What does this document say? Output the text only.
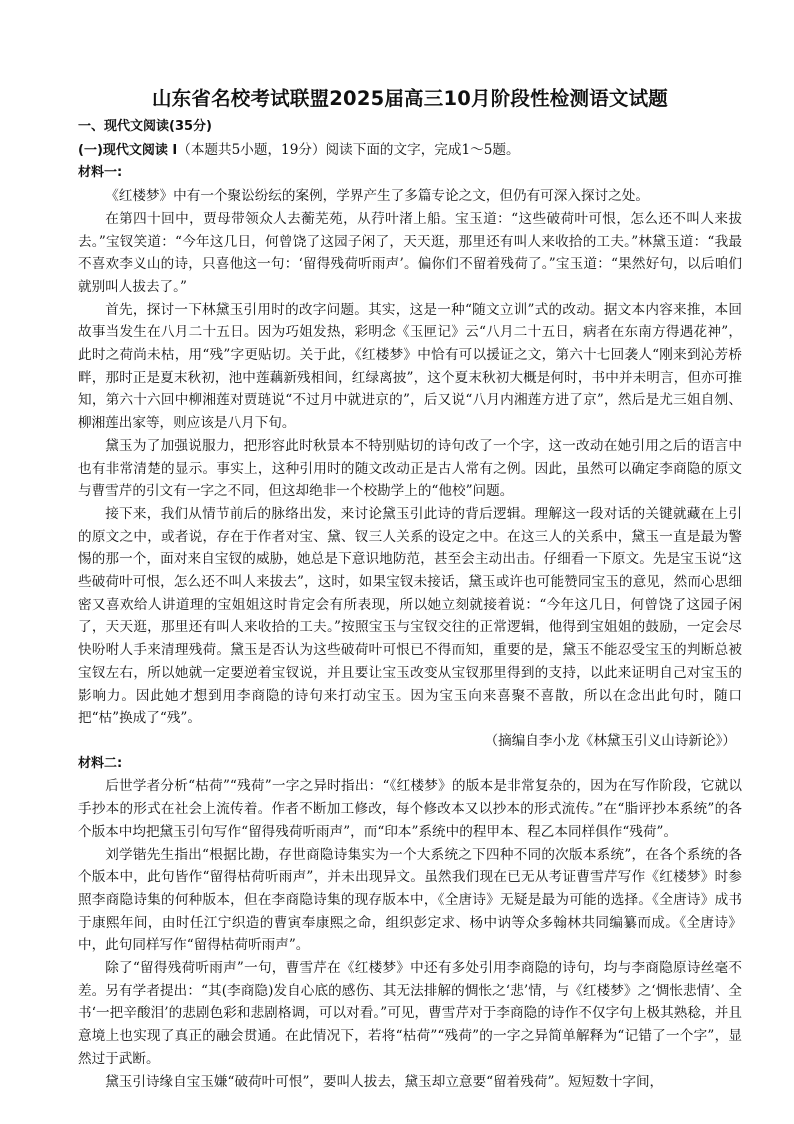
山东省名校考试联盟2025届高三10月阶段性检测语文试题

一、现代文阅读(35分)

(一)现代文阅读 I（本题共5小题，19分）阅读下面的文字，完成1～5题。

材料一:

《红楼梦》中有一个聚讼纷纭的案例，学界产生了多篇专论之文，但仍有可深入探讨之处。

在第四十回中，贾母带领众人去蘅芜苑，从荇叶渚上船。宝玉道：“这些破荷叶可恨，怎么还不叫人来拔去。”宝钗笑道：“今年这几日，何曾饶了这园子闲了，天天逛，那里还有叫人来收拾的工夫。”林黛玉道：“我最不喜欢李义山的诗，只喜他这一句：‘留得残荷听雨声’。偏你们不留着残荷了。”宝玉道：“果然好句，以后咱们就别叫人拔去了。”

首先，探讨一下林黛玉引用时的改字问题。其实，这是一种“随文立训”式的改动。据文本内容来推，本回故事当发生在八月二十五日。因为巧姐发热，彩明念《玉匣记》云“八月二十五日，病者在东南方得遇花神”，此时之荷尚未枯，用“残”字更贴切。关于此，《红楼梦》中恰有可以援证之文，第六十七回袭人“刚来到沁芳桥畔，那时正是夏末秋初，池中莲藕新残相间，红绿离披”，这个夏末秋初大概是何时，书中并未明言，但亦可推知，第六十六回中柳湘莲对贾琏说“不过月中就进京的”，后又说“八月内湘莲方进了京”，然后是尤三姐自刎、柳湘莲出家等，则应该是八月下旬。

黛玉为了加强说服力，把形容此时秋景本不特别贴切的诗句改了一个字，这一改动在她引用之后的语言中也有非常清楚的显示。事实上，这种引用时的随文改动正是古人常有之例。因此，虽然可以确定李商隐的原文与曹雪芹的引文有一字之不同，但这却绝非一个校勘学上的“他校”问题。

接下来，我们从情节前后的脉络出发，来讨论黛玉引此诗的背后逻辑。理解这一段对话的关键就藏在上引的原文之中，或者说，存在于作者对宝、黛、钗三人关系的设定之中。在这三人的关系中，黛玉一直是最为警惕的那一个，面对来自宝钗的威胁，她总是下意识地防范，甚至会主动出击。仔细看一下原文。先是宝玉说“这些破荷叶可恨，怎么还不叫人来拔去”，这时，如果宝钗未接话，黛玉或许也可能赞同宝玉的意见，然而心思细密又喜欢给人讲道理的宝姐姐这时肯定会有所表现，所以她立刻就接着说：“今年这几日，何曾饶了这园子闲了，天天逛，那里还有叫人来收拾的工夫。”按照宝玉与宝钗交往的正常逻辑，他得到宝姐姐的鼓励，一定会尽快吩咐人手来清理残荷。黛玉是否认为这些破荷叶可恨已不得而知，重要的是，黛玉不能忍受宝玉的判断总被宝钗左右，所以她就一定要逆着宝钗说，并且要让宝玉改变从宝钗那里得到的支持，以此来证明自己对宝玉的影响力。因此她才想到用李商隐的诗句来打动宝玉。因为宝玉向来喜聚不喜散，所以在念出此句时，随口把“枯”换成了“残”。

（摘编自李小龙《林黛玉引义山诗新论》）

材料二:

后世学者分析“枯荷”“残荷”一字之异时指出：“《红楼梦》的版本是非常复杂的，因为在写作阶段，它就以手抄本的形式在社会上流传着。作者不断加工修改，每个修改本又以抄本的形式流传。”在“脂评抄本系统”的各个版本中均把黛玉引句写作“留得残荷听雨声”，而“印本”系统中的程甲本、程乙本同样俱作“残荷”。

刘学锴先生指出“根据比勘，存世商隐诗集实为一个大系统之下四种不同的次版本系统”，在各个系统的各个版本中，此句皆作“留得枯荷听雨声”，并未出现异文。虽然我们现在已无从考证曹雪芹写作《红楼梦》时参照李商隐诗集的何种版本，但在李商隐诗集的现存版本中，《全唐诗》无疑是最为可能的选择。《全唐诗》成书于康熙年间，由时任江宁织造的曹寅奉康熙之命，组织彭定求、杨中讷等众多翰林共同编纂而成。《全唐诗》中，此句同样写作“留得枯荷听雨声”。

除了“留得残荷听雨声”一句，曹雪芹在《红楼梦》中还有多处引用李商隐的诗句，均与李商隐原诗丝毫不差。另有学者提出：“其(李商隐)发自心底的感伤、其无法排解的惆怅之‘悲’情，与《红楼梦》之‘惆怅悲情’、全书‘一把辛酸泪’的悲剧色彩和悲剧格调，可以对看。”可见，曹雪芹对于李商隐的诗作不仅字句上极其熟稔，并且意境上也实现了真正的融会贯通。在此情况下，若将“枯荷”“残荷”的一字之异简单解释为“记错了一个字”，显然过于武断。

黛玉引诗缘自宝玉嫌“破荷叶可恨”，要叫人拔去，黛玉却立意要“留着残荷”。短短数十字间，
